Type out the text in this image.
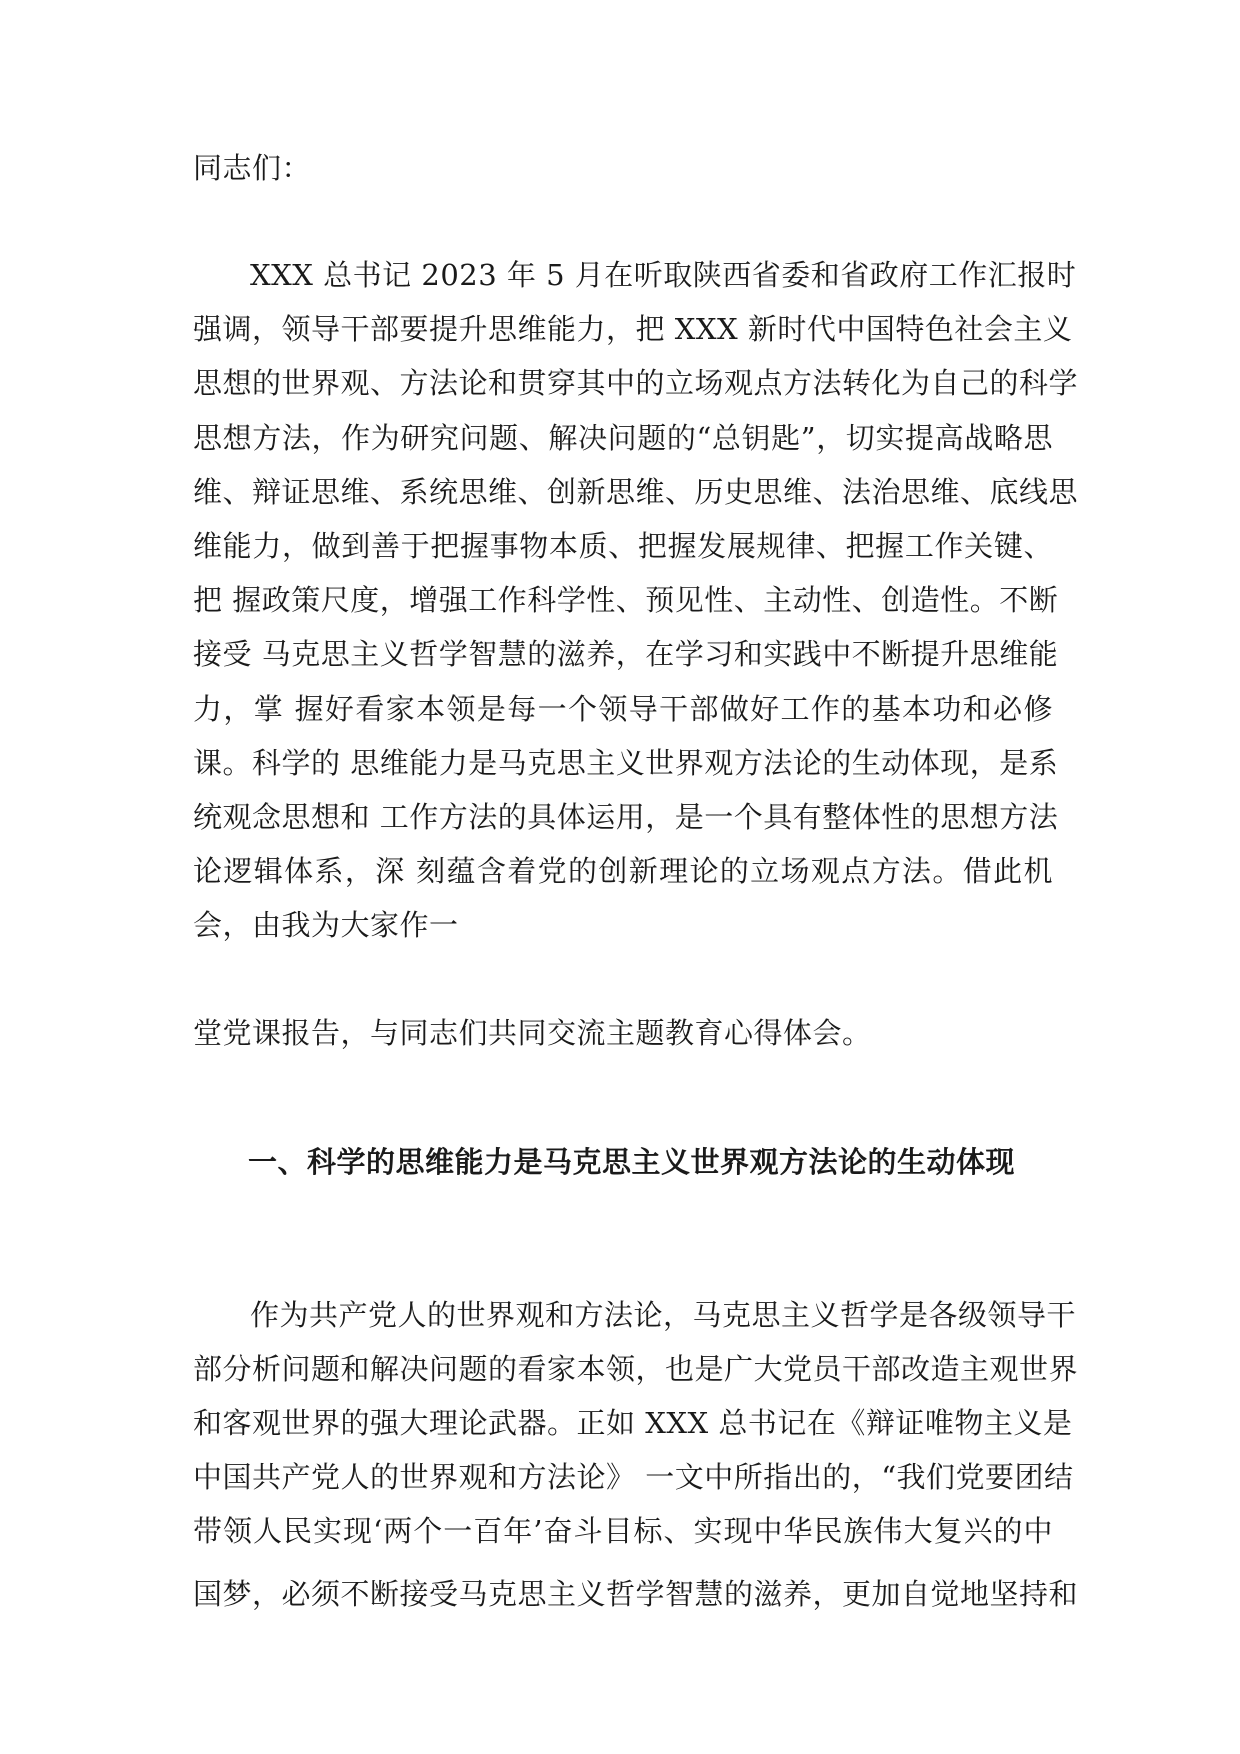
同志们：
XXX 总书记 2023 年 5 月在听取陕西省委和省政府工作汇报时
强调，领导干部要提升思维能力，把 XXX 新时代中国特色社会主义
思想的世界观、方法论和贯穿其中的立场观点方法转化为自己的科学
思想方法，作为研究问题、解决问题的“总钥匙”，切实提高战略思
维、辩证思维、系统思维、创新思维、历史思维、法治思维、底线思
维能力，做到善于把握事物本质、把握发展规律、把握工作关键、
把 握政策尺度，增强工作科学性、预见性、主动性、创造性。不断
接受 马克思主义哲学智慧的滋养，在学习和实践中不断提升思维能
力，掌 握好看家本领是每一个领导干部做好工作的基本功和必修
课。科学的 思维能力是马克思主义世界观方法论的生动体现，是系
统观念思想和 工作方法的具体运用，是一个具有整体性的思想方法
论逻辑体系，深 刻蕴含着党的创新理论的立场观点方法。借此机
会，由我为大家作一
堂党课报告，与同志们共同交流主题教育心得体会。
一、科学的思维能力是马克思主义世界观方法论的生动体现
作为共产党人的世界观和方法论，马克思主义哲学是各级领导干
部分析问题和解决问题的看家本领，也是广大党员干部改造主观世界
和客观世界的强大理论武器。正如 XXX 总书记在《辩证唯物主义是
中国共产党人的世界观和方法论》 一文中所指出的，“我们党要团结
带领人民实现‘两个一百年’奋斗目标、实现中华民族伟大复兴的中
国梦，必须不断接受马克思主义哲学智慧的滋养，更加自觉地坚持和
